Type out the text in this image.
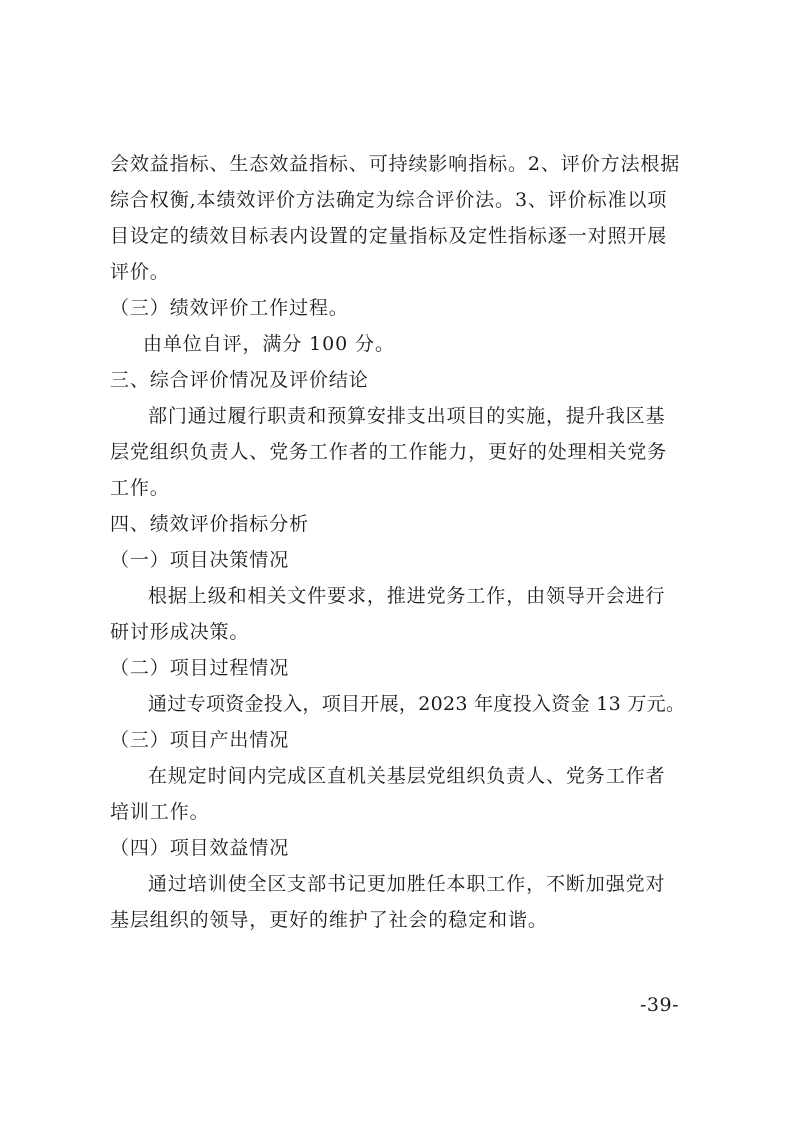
会效益指标、生态效益指标、可持续影响指标。2、评价方法根据
综合权衡,本绩效评价方法确定为综合评价法。3、评价标准以项
目设定的绩效目标表内设置的定量指标及定性指标逐一对照开展
评价。
（三）绩效评价工作过程。
由单位自评，满分 100 分。
三、综合评价情况及评价结论
部门通过履行职责和预算安排支出项目的实施，提升我区基
层党组织负责人、党务工作者的工作能力，更好的处理相关党务
工作。
四、绩效评价指标分析
（一）项目决策情况
根据上级和相关文件要求，推进党务工作，由领导开会进行
研讨形成决策。
（二）项目过程情况
通过专项资金投入，项目开展，2023 年度投入资金 13 万元。
（三）项目产出情况
在规定时间内完成区直机关基层党组织负责人、党务工作者
培训工作。
（四）项目效益情况
通过培训使全区支部书记更加胜任本职工作，不断加强党对
基层组织的领导，更好的维护了社会的稳定和谐。
-39-
